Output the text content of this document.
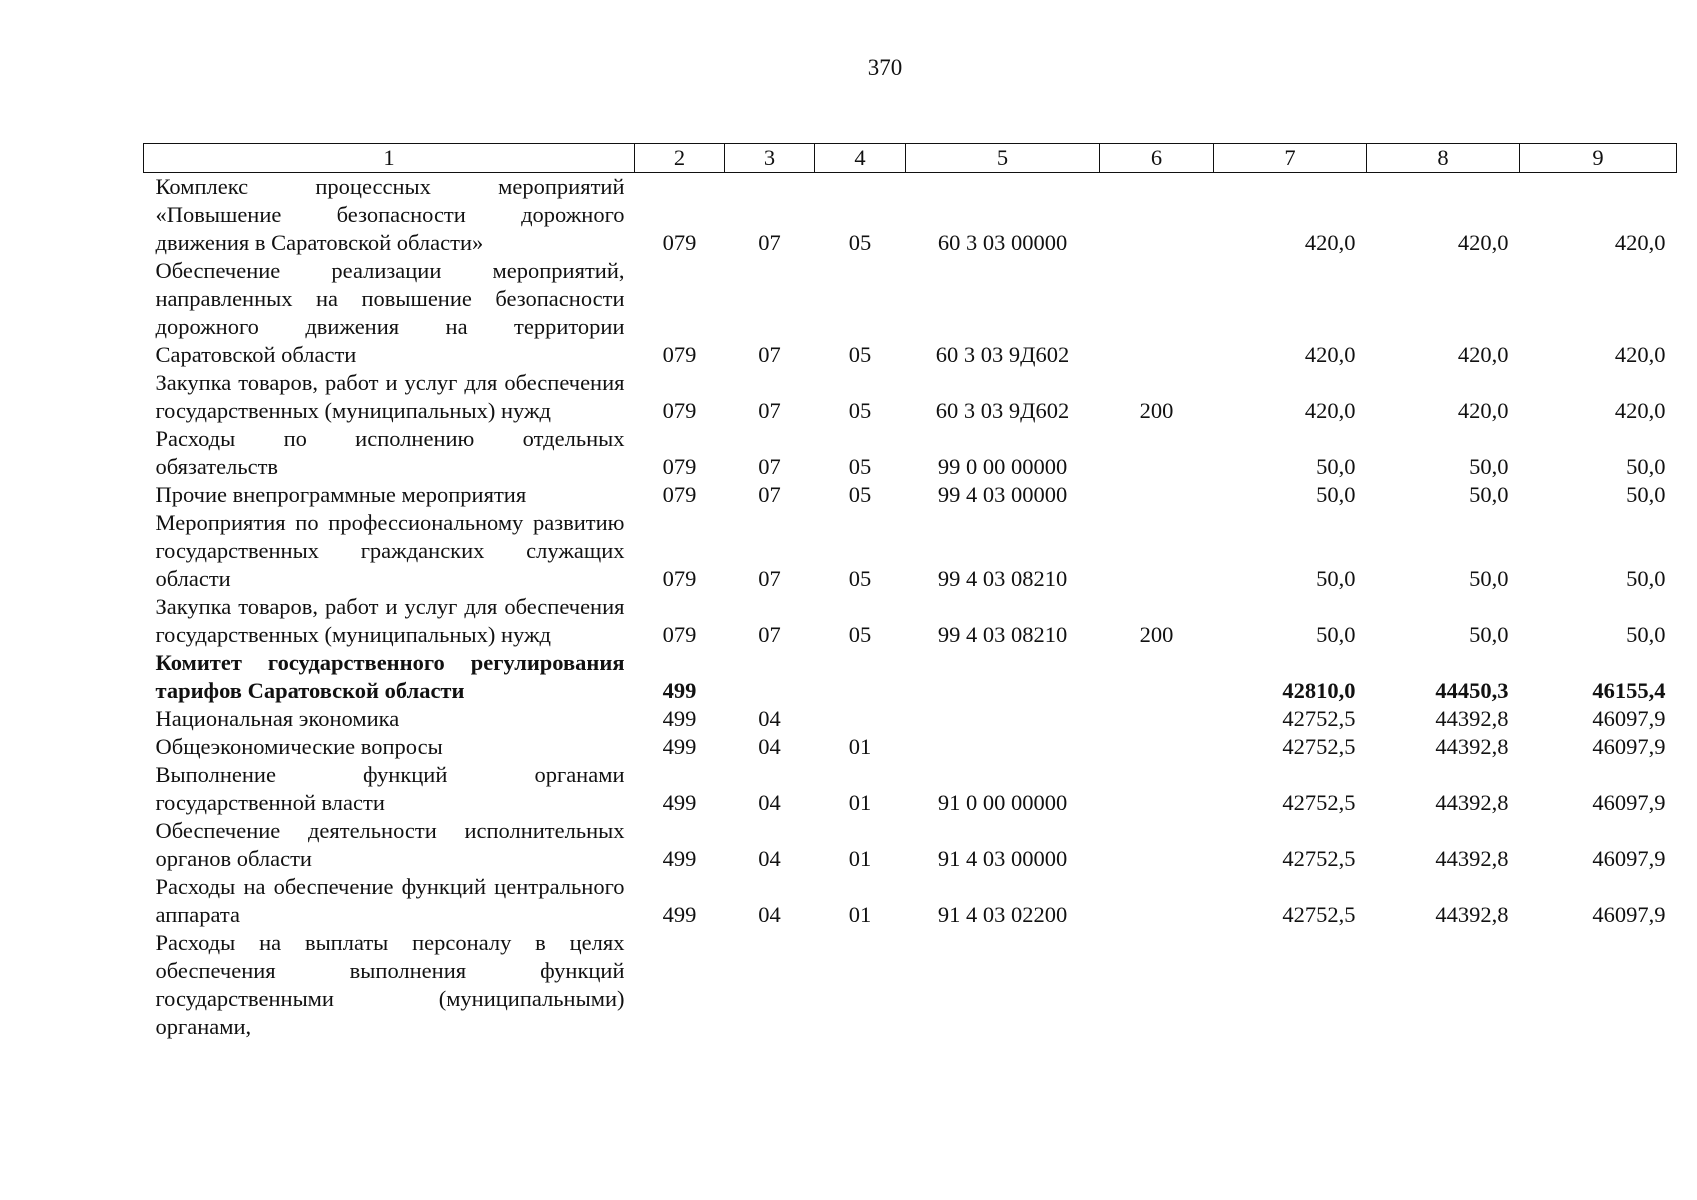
370
1	2	3	4	5	6	7	8	9
Комплекс процессных мероприятий «Повышение безопасности дорожного движения в Саратовской области»	079	07	05	60 3 03 00000		420,0	420,0	420,0
Обеспечение реализации мероприятий, направленных на повышение безопасности дорожного движения на территории Саратовской области	079	07	05	60 3 03 9Д602		420,0	420,0	420,0
Закупка товаров, работ и услуг для обеспечения государственных (муниципальных) нужд	079	07	05	60 3 03 9Д602	200	420,0	420,0	420,0
Расходы по исполнению отдельных обязательств	079	07	05	99 0 00 00000		50,0	50,0	50,0
Прочие внепрограммные мероприятия	079	07	05	99 4 03 00000		50,0	50,0	50,0
Мероприятия по профессиональному развитию государственных гражданских служащих области	079	07	05	99 4 03 08210		50,0	50,0	50,0
Закупка товаров, работ и услуг для обеспечения государственных (муниципальных) нужд	079	07	05	99 4 03 08210	200	50,0	50,0	50,0
Комитет государственного регулирования тарифов Саратовской области	499					42810,0	44450,3	46155,4
Национальная экономика	499	04				42752,5	44392,8	46097,9
Общеэкономические вопросы	499	04	01			42752,5	44392,8	46097,9
Выполнение функций органами государственной власти	499	04	01	91 0 00 00000		42752,5	44392,8	46097,9
Обеспечение деятельности исполнительных органов области	499	04	01	91 4 03 00000		42752,5	44392,8	46097,9
Расходы на обеспечение функций центрального аппарата	499	04	01	91 4 03 02200		42752,5	44392,8	46097,9
Расходы на выплаты персоналу в целях обеспечения выполнения функций государственными (муниципальными) органами,								
